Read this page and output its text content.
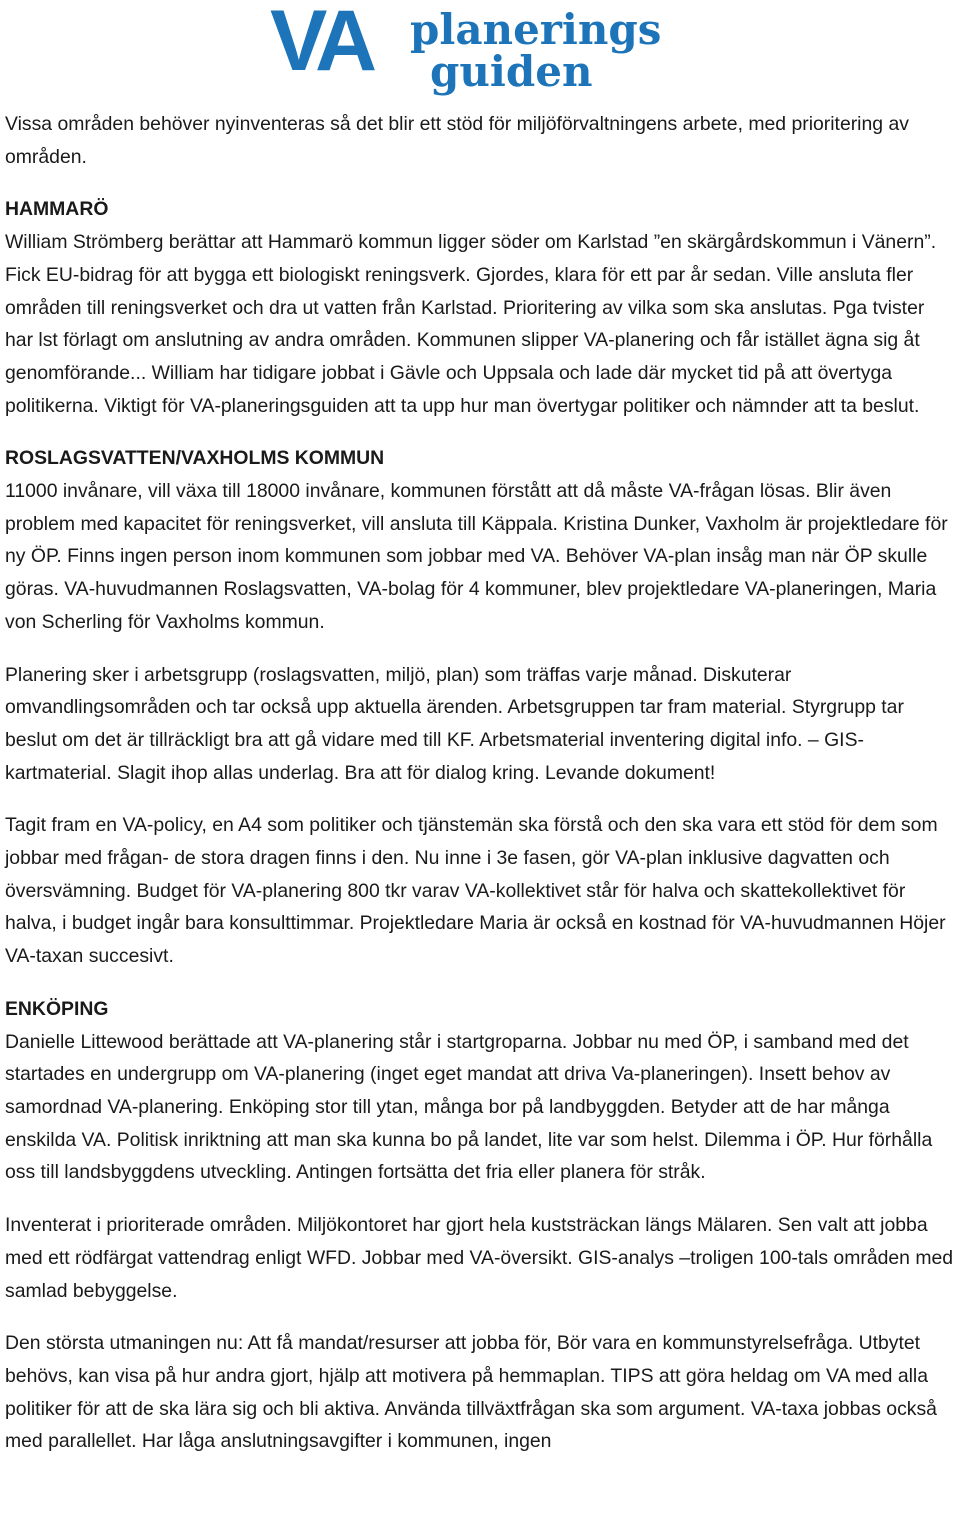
VA planerings
guiden

Vissa områden behöver nyinventeras så det blir ett stöd för miljöförvaltningens arbete, med prioritering av områden.

HAMMARÖ
William Strömberg berättar att Hammarö kommun ligger söder om Karlstad ”en skärgårdskommun i Vänern”. Fick EU-bidrag för att bygga ett biologiskt reningsverk. Gjordes, klara för ett par år sedan. Ville ansluta fler områden till reningsverket och dra ut vatten från Karlstad. Prioritering av vilka som ska anslutas. Pga tvister har lst förlagt om anslutning av andra områden. Kommunen slipper VA-planering och får istället ägna sig åt genomförande... William har tidigare jobbat i Gävle och Uppsala och lade där mycket tid på att övertyga politikerna. Viktigt för VA-planeringsguiden att ta upp hur man övertygar politiker och nämnder att ta beslut.

ROSLAGSVATTEN/VAXHOLMS KOMMUN
11000 invånare, vill växa till 18000 invånare, kommunen förstått att då måste VA-frågan lösas. Blir även problem med kapacitet för reningsverket, vill ansluta till Käppala. Kristina Dunker, Vaxholm är projektledare för ny ÖP. Finns ingen person inom kommunen som jobbar med VA. Behöver VA-plan insåg man när ÖP skulle göras. VA-huvudmannen Roslagsvatten, VA-bolag för 4 kommuner, blev projektledare VA-planeringen, Maria von Scherling för Vaxholms kommun.

Planering sker i arbetsgrupp (roslagsvatten, miljö, plan) som träffas varje månad. Diskuterar omvandlingsområden och tar också upp aktuella ärenden. Arbetsgruppen tar fram material. Styrgrupp tar beslut om det är tillräckligt bra att gå vidare med till KF. Arbetsmaterial inventering digital info. – GIS-kartmaterial. Slagit ihop allas underlag. Bra att för dialog kring. Levande dokument!

Tagit fram en VA-policy, en A4 som politiker och tjänstemän ska förstå och den ska vara ett stöd för dem som jobbar med frågan- de stora dragen finns i den. Nu inne i 3e fasen, gör VA-plan inklusive dagvatten och översvämning. Budget för VA-planering 800 tkr varav VA-kollektivet står för halva och skattekollektivet för halva, i budget ingår bara konsulttimmar. Projektledare Maria är också en kostnad för VA-huvudmannen Höjer VA-taxan succesivt.

ENKÖPING
Danielle Littewood berättade att VA-planering står i startgroparna. Jobbar nu med ÖP, i samband med det startades en undergrupp om VA-planering (inget eget mandat att driva Va-planeringen). Insett behov av samordnad VA-planering. Enköping stor till ytan, många bor på landbyggden. Betyder att de har många enskilda VA. Politisk inriktning att man ska kunna bo på landet, lite var som helst. Dilemma i ÖP. Hur förhålla oss till landsbyggdens utveckling. Antingen fortsätta det fria eller planera för stråk.

Inventerat i prioriterade områden. Miljökontoret har gjort hela kuststräckan längs Mälaren. Sen valt att jobba med ett rödfärgat vattendrag enligt WFD. Jobbar med VA-översikt. GIS-analys –troligen 100-tals områden med samlad bebyggelse.

Den största utmaningen nu: Att få mandat/resurser att jobba för, Bör vara en kommunstyrelsefråga. Utbytet behövs, kan visa på hur andra gjort, hjälp att motivera på hemmaplan. TIPS att göra heldag om VA med alla politiker för att de ska lära sig och bli aktiva. Använda tillväxtfrågan ska som argument. VA-taxa jobbas också med parallellet. Har låga anslutningsavgifter i kommunen, ingen
